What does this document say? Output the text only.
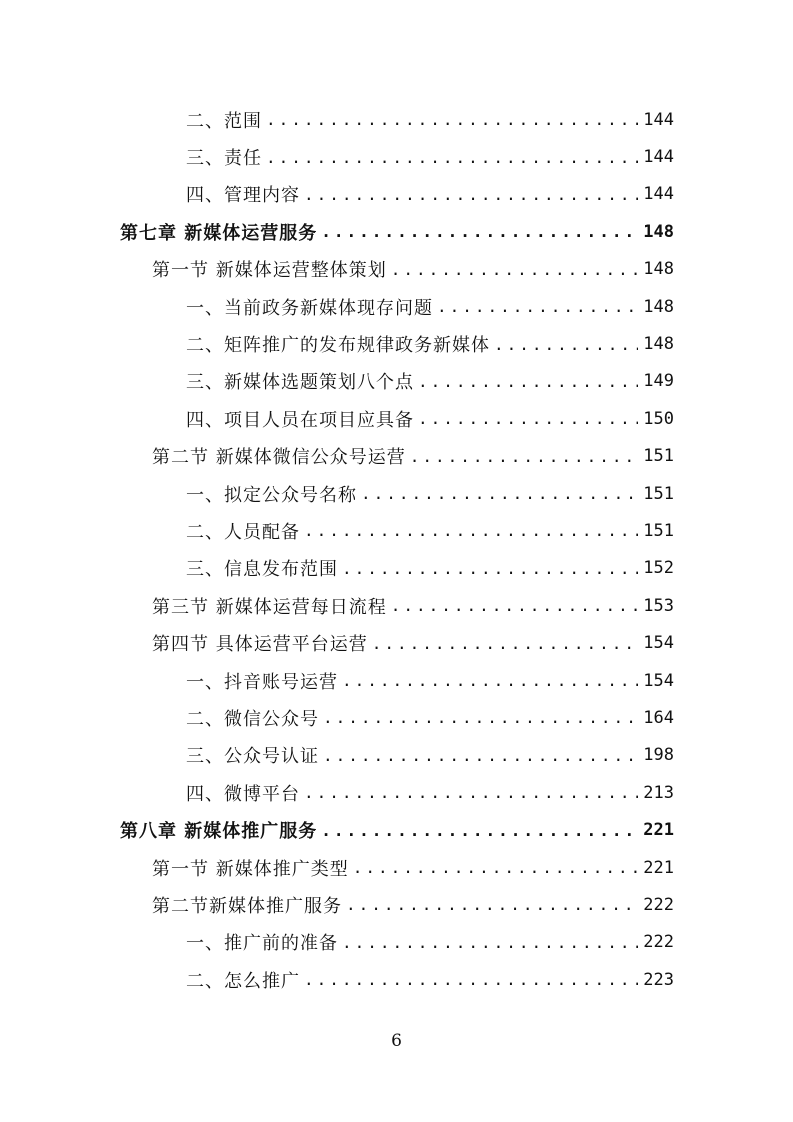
二、范围 .....	144
三、责任 .....	144
四、管理内容 .....	144
第七章 新媒体运营服务 .....	148
第一节 新媒体运营整体策划 .....	148
一、当前政务新媒体现存问题 .....	148
二、矩阵推广的发布规律政务新媒体 .....	148
三、新媒体选题策划八个点 .....	149
四、项目人员在项目应具备 .....	150
第二节 新媒体微信公众号运营 .....	151
一、拟定公众号名称 .....	151
二、人员配备 .....	151
三、信息发布范围 .....	152
第三节 新媒体运营每日流程 .....	153
第四节 具体运营平台运营 .....	154
一、抖音账号运营 .....	154
二、微信公众号 .....	164
三、公众号认证 .....	198
四、微博平台 .....	213
第八章 新媒体推广服务 .....	221
第一节 新媒体推广类型 .....	221
第二节新媒体推广服务 .....	222
一、推广前的准备 .....	222
二、怎么推广 .....	223
6
